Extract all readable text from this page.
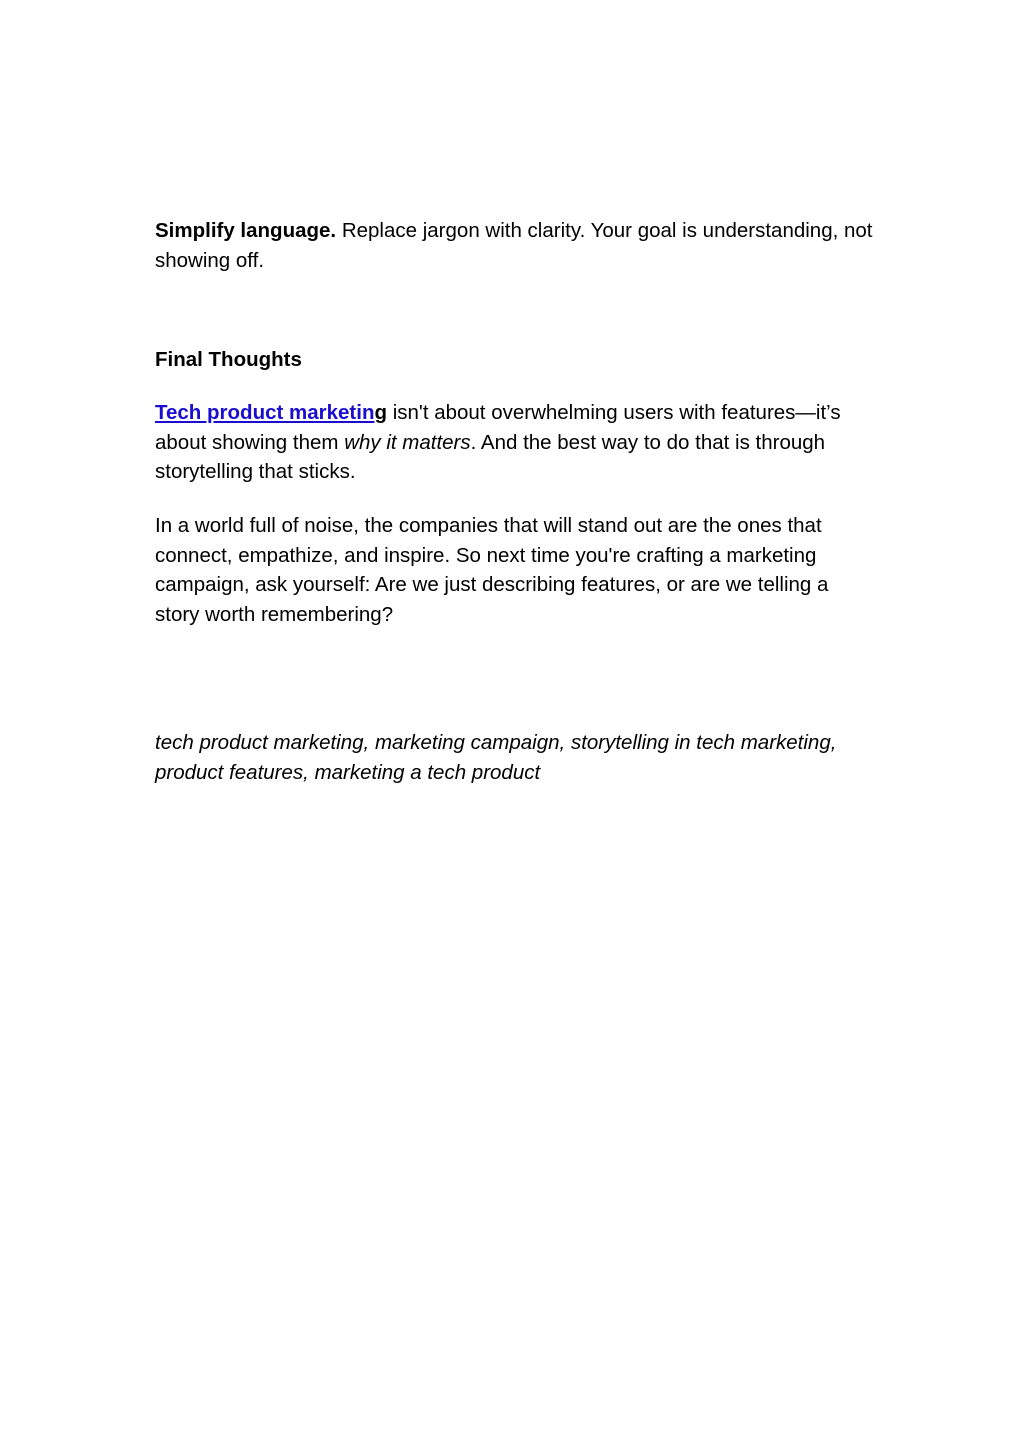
Simplify language. Replace jargon with clarity. Your goal is understanding, not showing off.

Final Thoughts

Tech product marketing isn't about overwhelming users with features—it’s about showing them why it matters. And the best way to do that is through storytelling that sticks.

In a world full of noise, the companies that will stand out are the ones that connect, empathize, and inspire. So next time you're crafting a marketing campaign, ask yourself: Are we just describing features, or are we telling a story worth remembering?

tech product marketing, marketing campaign, storytelling in tech marketing, product features, marketing a tech product
